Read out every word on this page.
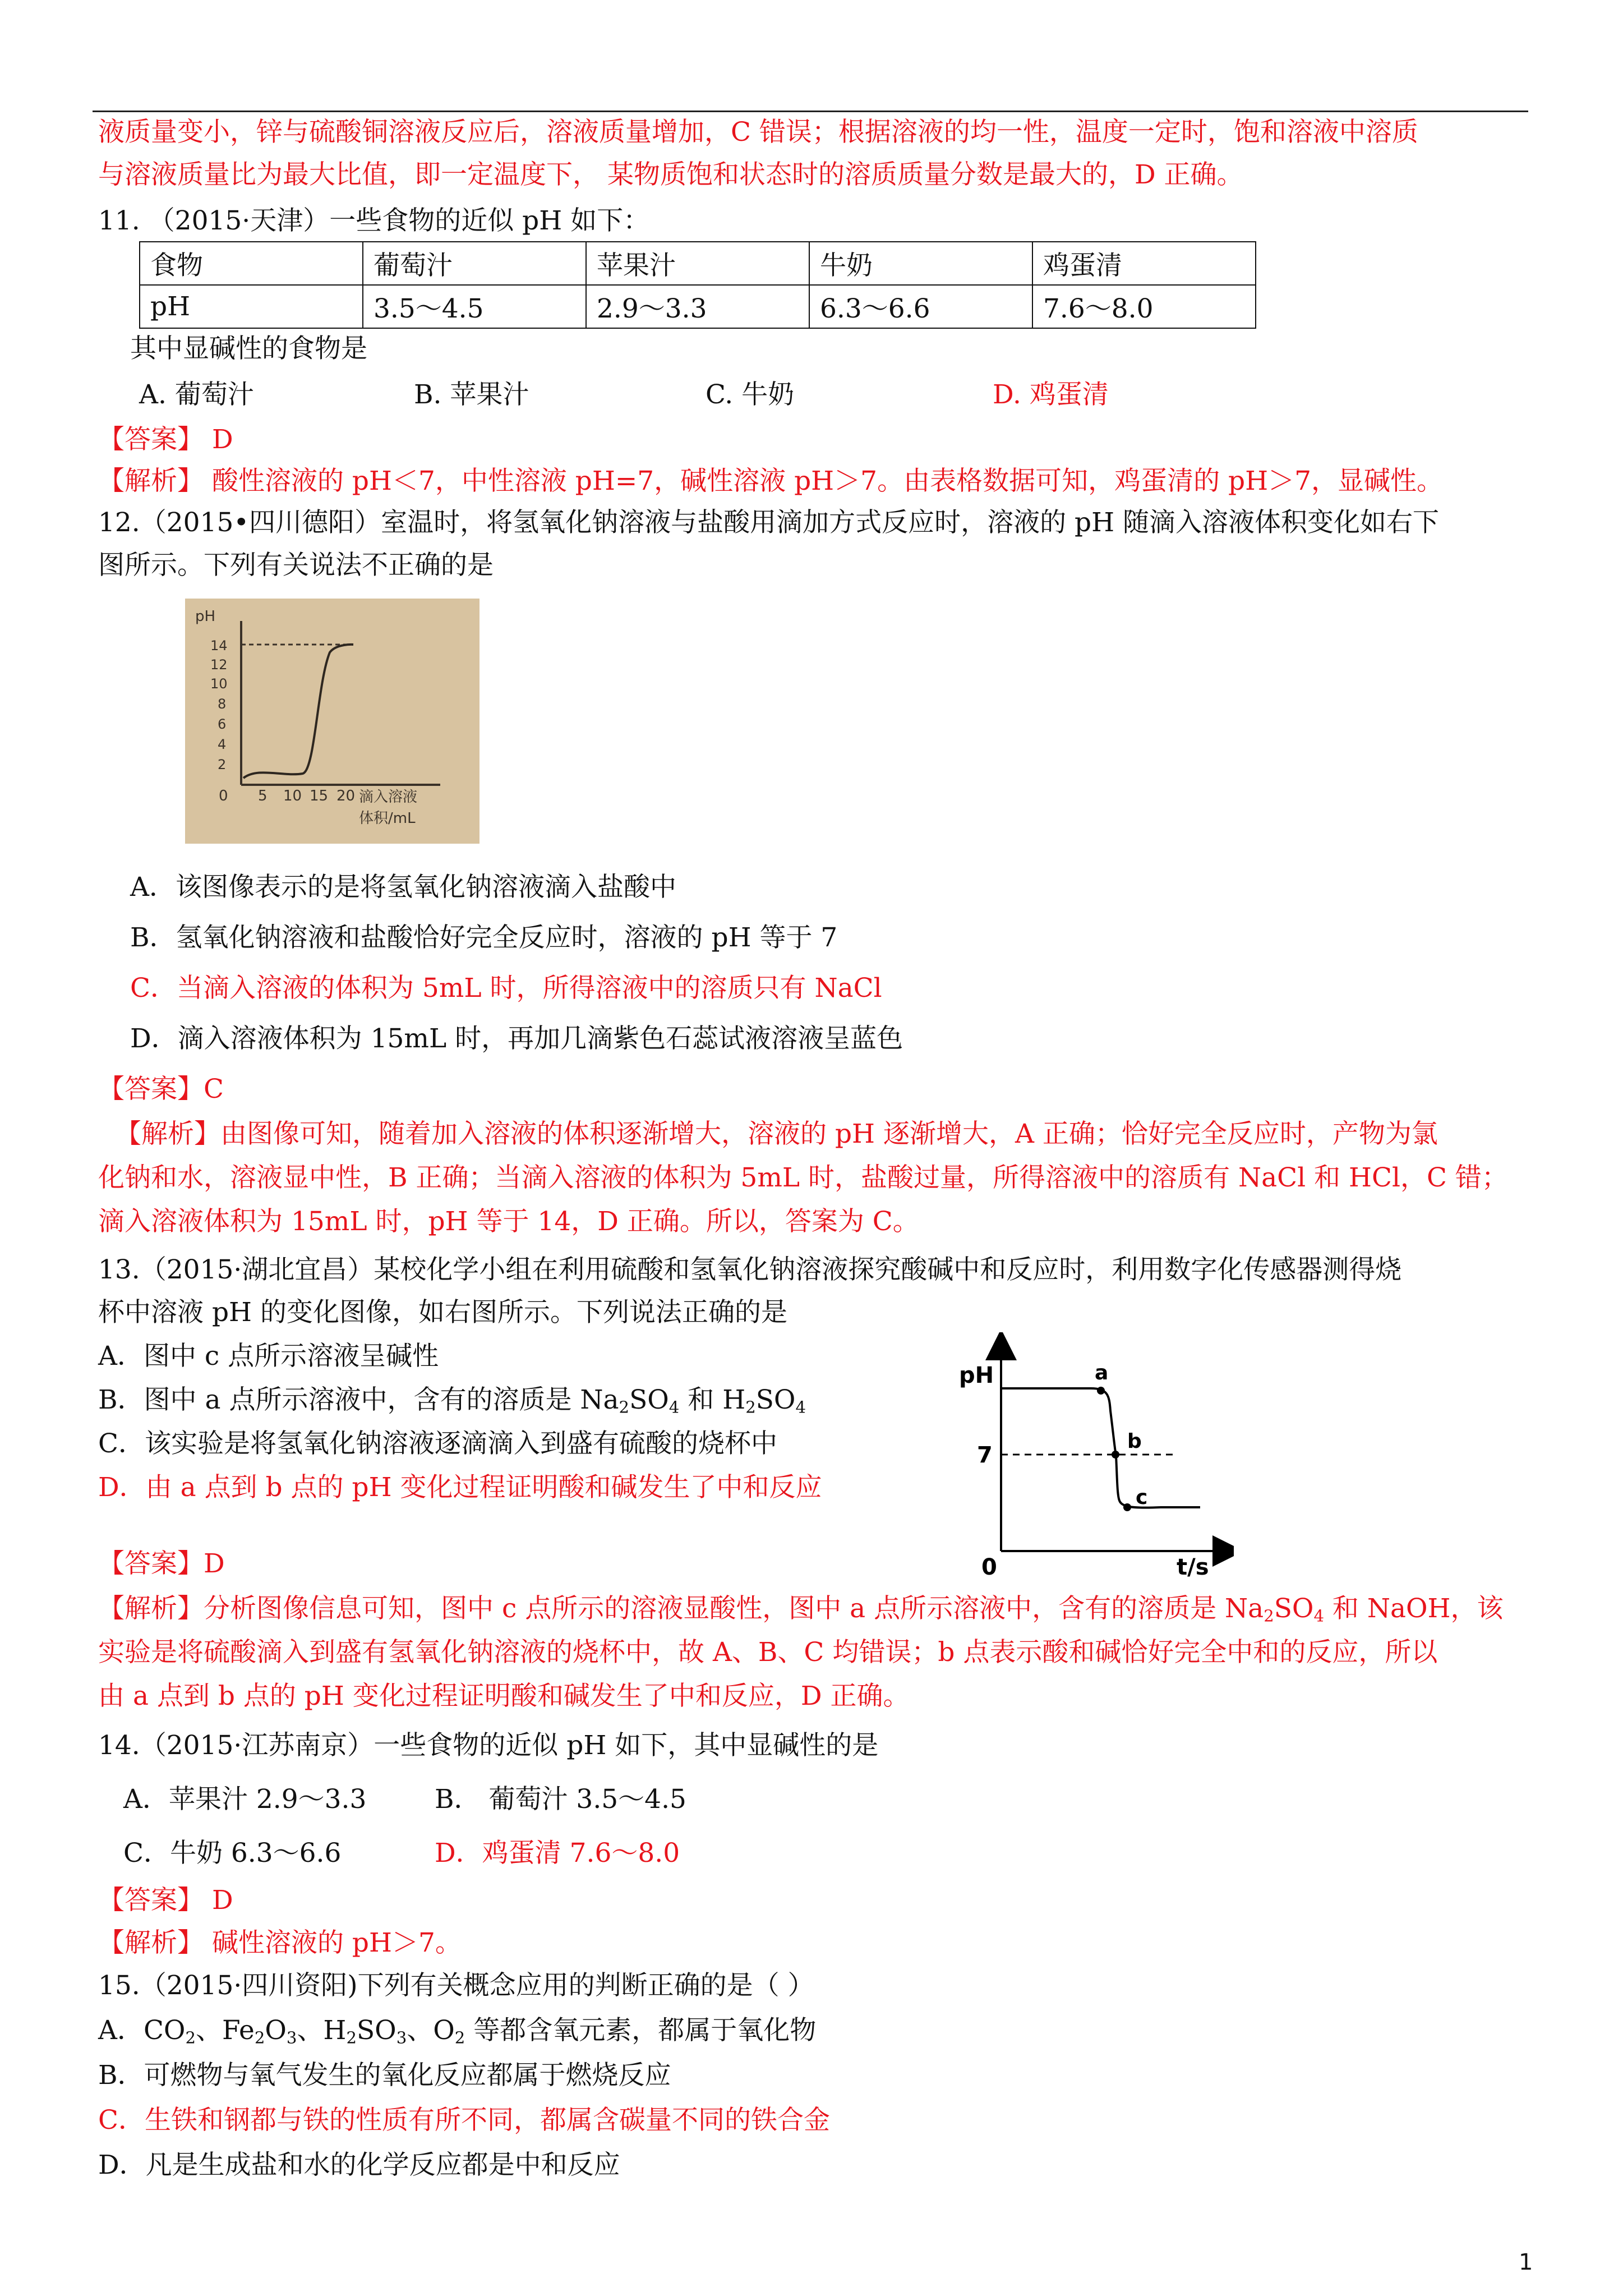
液质量变小，锌与硫酸铜溶液反应后，溶液质量增加，C 错误；根据溶液的均一性，温度一定时，饱和溶液中溶质
与溶液质量比为最大比值，即一定温度下， 某物质饱和状态时的溶质质量分数是最大的，D 正确。
11. （2015·天津）一些食物的近似 pH 如下：
食物	葡萄汁	苹果汁	牛奶	鸡蛋清
pH	3.5～4.5	2.9～3.3	6.3～6.6	7.6～8.0
其中显碱性的食物是
A. 葡萄汁	B. 苹果汁	C. 牛奶	D. 鸡蛋清
【答案】 D
【解析】 酸性溶液的 pH＜7，中性溶液 pH=7，碱性溶液 pH＞7。由表格数据可知，鸡蛋清的 pH＞7，显碱性。
12.（2015•四川德阳）室温时，将氢氧化钠溶液与盐酸用滴加方式反应时，溶液的 pH 随滴入溶液体积变化如右下
图所示。下列有关说法不正确的是
pH
14
12
10
8
6
4
2
0 5 10 15 20 滴入溶液
体积/mL
A．该图像表示的是将氢氧化钠溶液滴入盐酸中
B．氢氧化钠溶液和盐酸恰好完全反应时，溶液的 pH 等于 7
C．当滴入溶液的体积为 5mL 时，所得溶液中的溶质只有 NaCl
D．滴入溶液体积为 15mL 时，再加几滴紫色石蕊试液溶液呈蓝色
【答案】C
【解析】由图像可知，随着加入溶液的体积逐渐增大，溶液的 pH 逐渐增大，A 正确；恰好完全反应时，产物为氯
化钠和水，溶液显中性，B 正确；当滴入溶液的体积为 5mL 时，盐酸过量，所得溶液中的溶质有 NaCl 和 HCl，C 错；
滴入溶液体积为 15mL 时，pH 等于 14，D 正确。所以，答案为 C。
13.（2015·湖北宜昌）某校化学小组在利用硫酸和氢氧化钠溶液探究酸碱中和反应时，利用数字化传感器测得烧
杯中溶液 pH 的变化图像，如右图所示。下列说法正确的是
A．图中 c 点所示溶液呈碱性
B．图中 a 点所示溶液中，含有的溶质是 $Na_2SO_4$ 和 $H_2SO_4$
C．该实验是将氢氧化钠溶液逐滴滴入到盛有硫酸的烧杯中
D．由 a 点到 b 点的 pH 变化过程证明酸和碱发生了中和反应
pH
7
0	t/s
a
b
c
【答案】D
【解析】分析图像信息可知，图中 c 点所示的溶液显酸性，图中 a 点所示溶液中，含有的溶质是 $Na_2SO_4$ 和 NaOH，该
实验是将硫酸滴入到盛有氢氧化钠溶液的烧杯中，故 A、B、C 均错误；b 点表示酸和碱恰好完全中和的反应，所以
由 a 点到 b 点的 pH 变化过程证明酸和碱发生了中和反应，D 正确。
14.（2015·江苏南京）一些食物的近似 pH 如下，其中显碱性的是
A．苹果汁 2.9～3.3	B． 葡萄汁 3.5～4.5
C．牛奶 6.3～6.6	D．鸡蛋清 7.6～8.0
【答案】 D
【解析】 碱性溶液的 pH＞7。
15.（2015·四川资阳)下列有关概念应用的判断正确的是（ ）
A．$CO_2$、$Fe_2O_3$、$H_2SO_3$、$O_2$ 等都含氧元素，都属于氧化物
B．可燃物与氧气发生的氧化反应都属于燃烧反应
C．生铁和钢都与铁的性质有所不同，都属含碳量不同的铁合金
D．凡是生成盐和水的化学反应都是中和反应
1
